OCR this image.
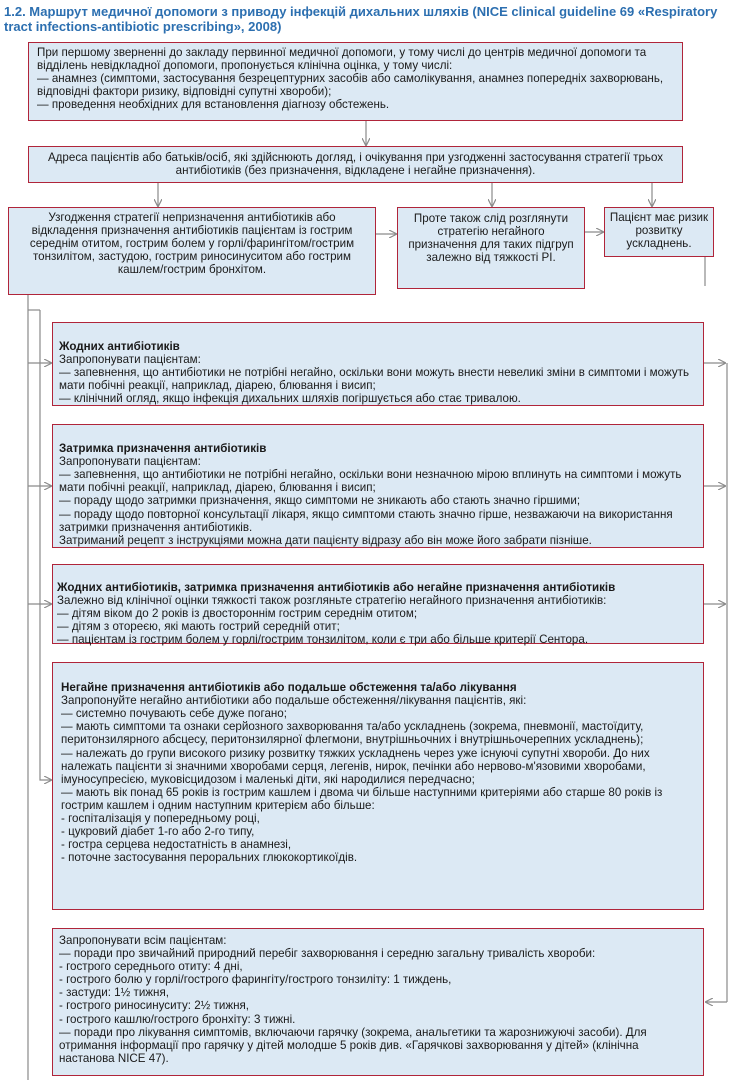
1.2. Маршрут медичної допомоги з приводу інфекцій дихальних шляхів (NICE clinical guideline 69 «Respiratory tract infections-antibiotic prescribing», 2008)
При першому зверненні до закладу первинної медичної допомоги, у тому числі до центрів медичної допомоги та відділень невідкладної допомоги, пропонується клінічна оцінка, у тому числі:
— анамнез (симптоми, застосування безрецептурних засобів або самолікування, анамнез попередніх захворювань, відповідні фактори ризику, відповідні супутні хвороби);
— проведення необхідних для встановлення діагнозу обстежень.
Адреса пацієнтів або батьків/осіб, які здійснюють догляд, і очікування при узгодженні застосування стратегії трьох антибіотиків (без призначення, відкладене і негайне призначення).
Узгодження стратегії непризначення антибіотиків або відкладення призначення антибіотиків пацієнтам із гострим середнім отитом, гострим болем у горлі/фарингітом/гострим тонзилітом, застудою, гострим риносинуситом або гострим кашлем/гострим бронхітом.
Проте також слід розглянути стратегію негайного призначення для таких підгруп залежно від тяжкості РІ.
Пацієнт має ризик розвитку ускладнень.

Жодних антибіотиків
Запропонувати пацієнтам:
— запевнення, що антибіотики не потрібні негайно, оскільки вони можуть внести невеликі зміни в симптоми і можуть мати побічні реакції, наприклад, діарею, блювання і висип;
— клінічний огляд, якщо інфекція дихальних шляхів погіршується або стає тривалою.

Затримка призначення антибіотиків
Запропонувати пацієнтам:
— запевнення, що антибіотики не потрібні негайно, оскільки вони незначною мірою вплинуть на симптоми і можуть мати побічні реакції, наприклад, діарею, блювання і висип;
— пораду щодо затримки призначення, якщо симптоми не зникають або стають значно гіршими;
— пораду щодо повторної консультації лікаря, якщо симптоми стають значно гірше, незважаючи на використання затримки призначення антибіотиків.
Затриманий рецепт з інструкціями можна дати пацієнту відразу або він може його забрати пізніше.

Жодних антибіотиків, затримка призначення антибіотиків або негайне призначення антибіотиків
Залежно від клінічної оцінки тяжкості також розгляньте стратегію негайного призначення антибіотиків:
— дітям віком до 2 років із двостороннім гострим середнім отитом;
— дітям з отореєю, які мають гострий середній отит;
— пацієнтам із гострим болем у горлі/гострим тонзилітом, коли є три або більше критерії Сентора.

Негайне призначення антибіотиків або подальше обстеження та/або лікування
Запропонуйте негайно антибіотики або подальше обстеження/лікування пацієнтів, які:
— системно почувають себе дуже погано;
— мають симптоми та ознаки серйозного захворювання та/або ускладнень (зокрема, пневмонії, мастоїдиту, перитонзилярного абсцесу, перитонзилярної флегмони, внутрішньочних і внутрішньочерепних ускладнень);
— належать до групи високого ризику розвитку тяжких ускладнень через уже існуючі супутні хвороби. До них належать пацієнти зі значними хворобами серця, легенів, нирок, печінки або нервово-м'язовими хворобами, імуносупресією, муковісцидозом і маленькі діти, які народилися передчасно;
— мають вік понад 65 років із гострим кашлем і двома чи більше наступними критеріями або старше 80 років із гострим кашлем і одним наступним критерієм або більше:
- госпіталізація у попередньому році,
- цукровий діабет 1-го або 2-го типу,
- гостра серцева недостатність в анамнезі,
- поточне застосування пероральних глюкокортикоїдів.

Запропонувати всім пацієнтам:
— поради про звичайний природний перебіг захворювання і середню загальну тривалість хвороби:
- гострого середнього отиту: 4 дні,
- гострого болю у горлі/гострого фарингіту/гострого тонзиліту: 1 тиждень,
- застуди: 1½ тижня,
- гострого риносинуситу: 2½ тижня,
- гострого кашлю/гострого бронхіту: 3 тижні.
— поради про лікування симптомів, включаючи гарячку (зокрема, анальгетики та жарознижуючі засоби). Для отримання інформації про гарячку у дітей молодше 5 років див. «Гарячкові захворювання у дітей» (клінічна настанова NICE 47).
